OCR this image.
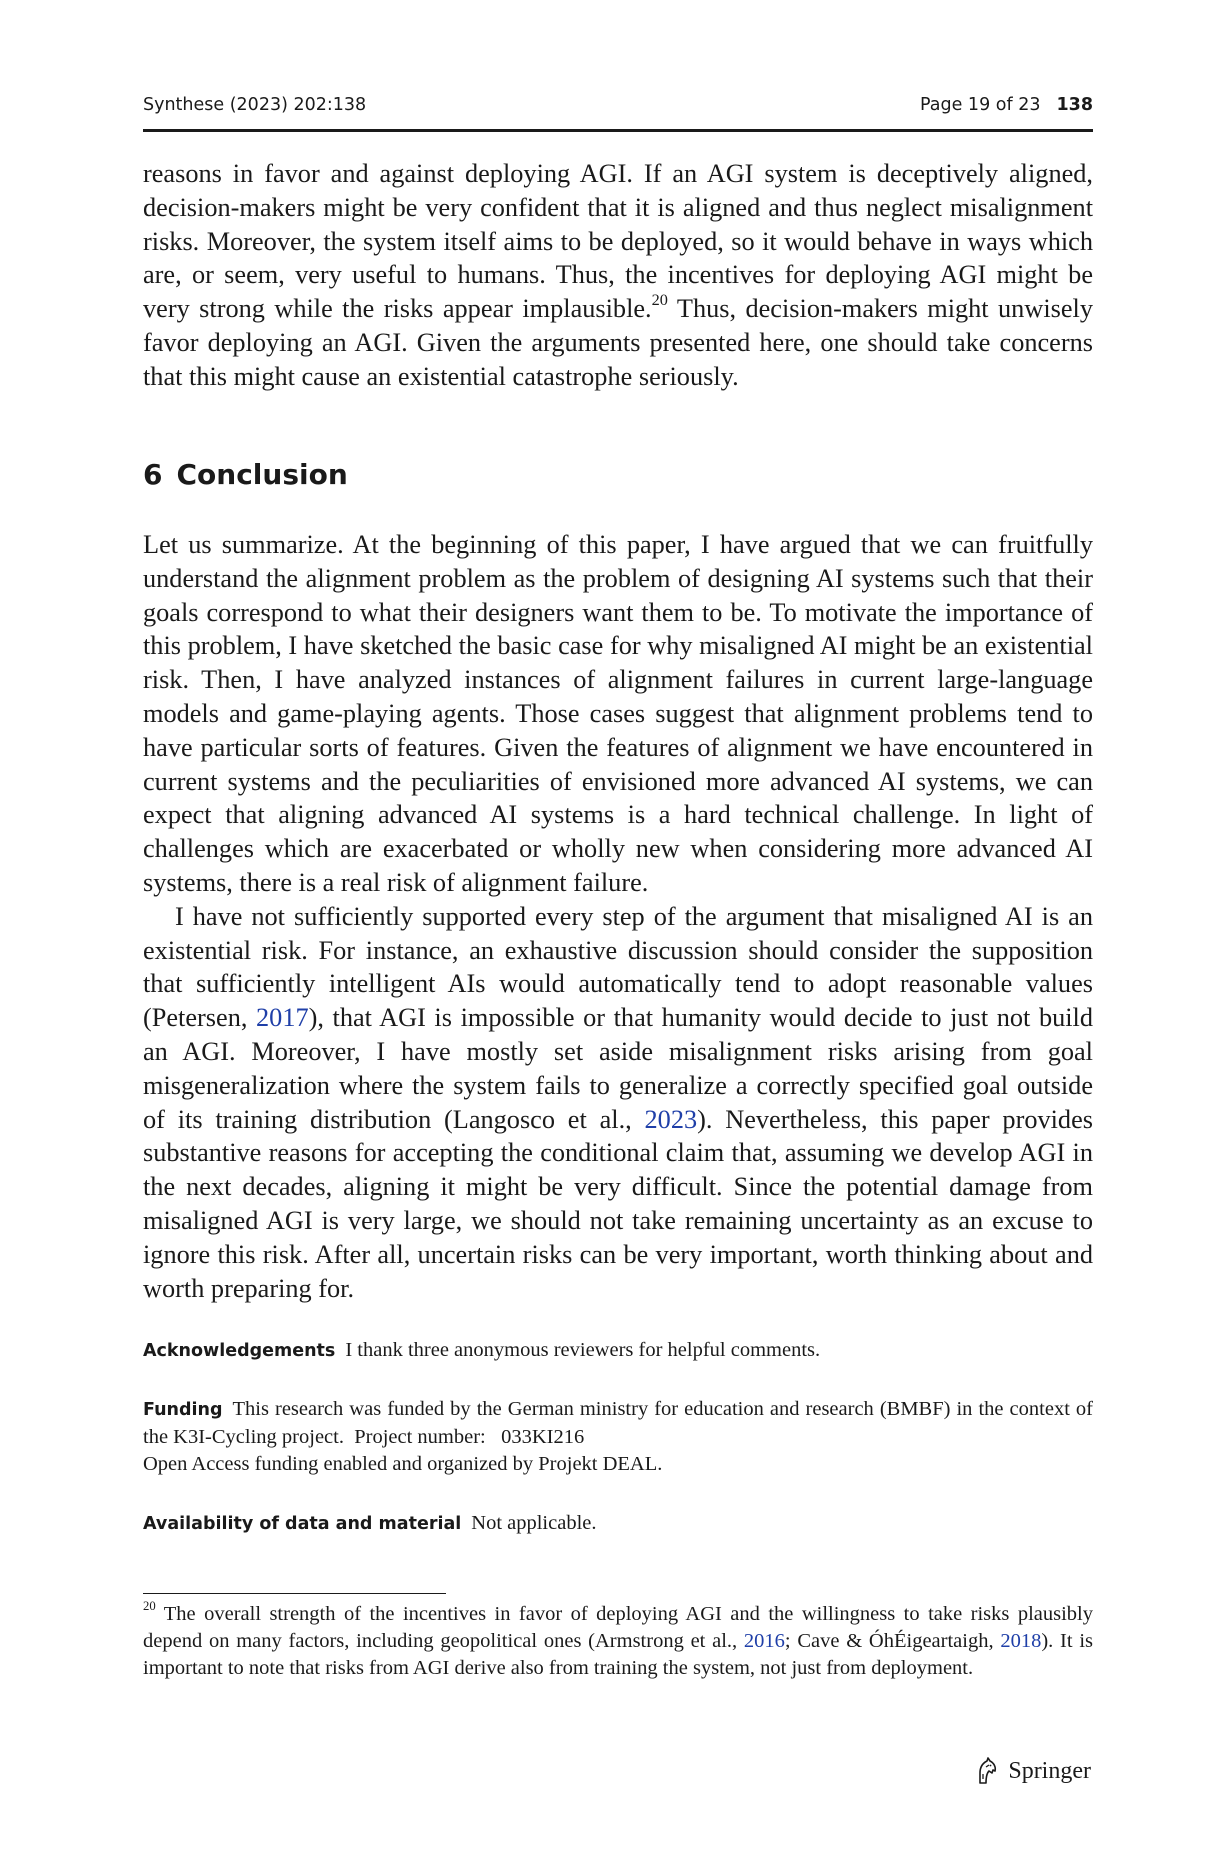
Synthese (2023) 202:138	Page 19 of 23 138

reasons in favor and against deploying AGI. If an AGI system is deceptively aligned, decision-makers might be very confident that it is aligned and thus neglect misalignment risks. Moreover, the system itself aims to be deployed, so it would behave in ways which are, or seem, very useful to humans. Thus, the incentives for deploying AGI might be very strong while the risks appear implausible.$^{20}$ Thus, decision-makers might unwisely favor deploying an AGI. Given the arguments presented here, one should take concerns that this might cause an existential catastrophe seriously.

6 Conclusion

Let us summarize. At the beginning of this paper, I have argued that we can fruitfully understand the alignment problem as the problem of designing AI systems such that their goals correspond to what their designers want them to be. To motivate the importance of this problem, I have sketched the basic case for why misaligned AI might be an existential risk. Then, I have analyzed instances of alignment failures in current large-language models and game-playing agents. Those cases suggest that alignment problems tend to have particular sorts of features. Given the features of alignment we have encountered in current systems and the peculiarities of envisioned more advanced AI systems, we can expect that aligning advanced AI systems is a hard technical challenge. In light of challenges which are exacerbated or wholly new when considering more advanced AI systems, there is a real risk of alignment failure.

I have not sufficiently supported every step of the argument that misaligned AI is an existential risk. For instance, an exhaustive discussion should consider the supposition that sufficiently intelligent AIs would automatically tend to adopt reasonable values (Petersen, 2017), that AGI is impossible or that humanity would decide to just not build an AGI. Moreover, I have mostly set aside misalignment risks arising from goal misgeneralization where the system fails to generalize a correctly specified goal outside of its training distribution (Langosco et al., 2023). Nevertheless, this paper provides substantive reasons for accepting the conditional claim that, assuming we develop AGI in the next decades, aligning it might be very difficult. Since the potential damage from misaligned AGI is very large, we should not take remaining uncertainty as an excuse to ignore this risk. After all, uncertain risks can be very important, worth thinking about and worth preparing for.

Acknowledgements I thank three anonymous reviewers for helpful comments.
Funding This research was funded by the German ministry for education and research (BMBF) in the context of the K3I-Cycling project. Project number: 033KI216
Open Access funding enabled and organized by Projekt DEAL.
Availability of data and material Not applicable.
$^{20}$ The overall strength of the incentives in favor of deploying AGI and the willingness to take risks plausibly depend on many factors, including geopolitical ones (Armstrong et al., 2016; Cave & ÓhÉigeartaigh, 2018). It is important to note that risks from AGI derive also from training the system, not just from deployment.
Springer
